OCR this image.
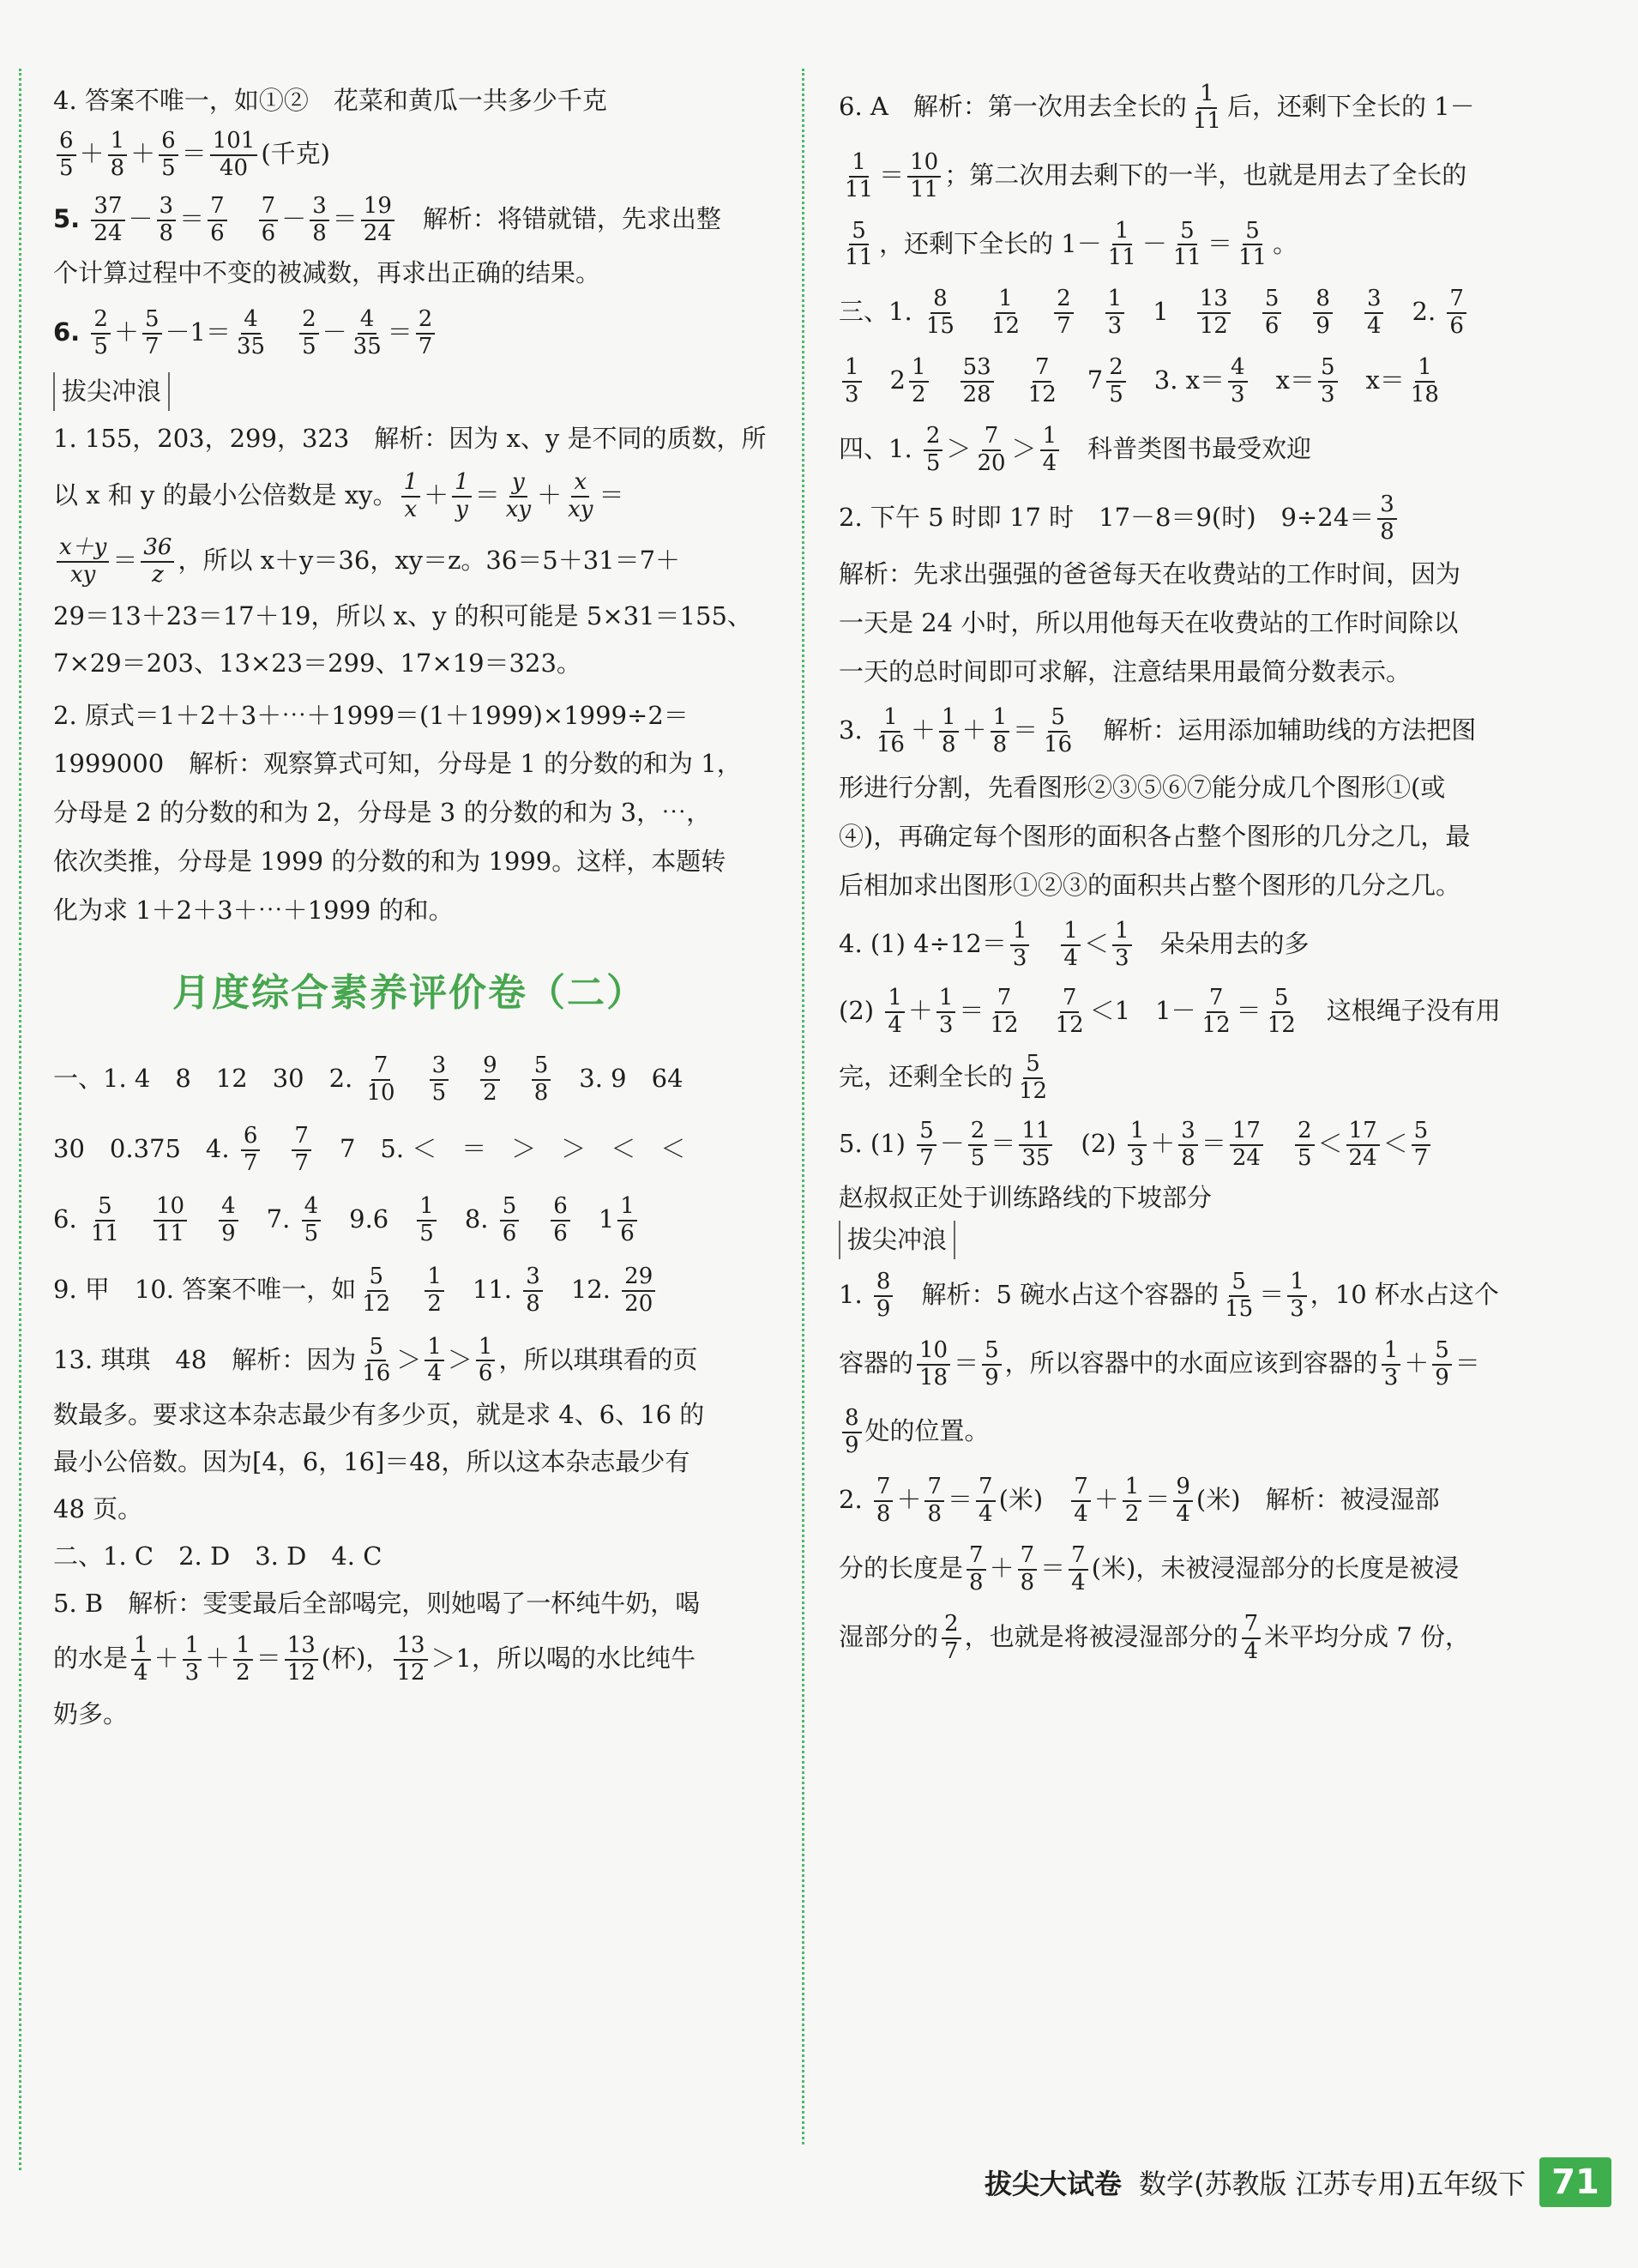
4. 答案不唯一，如①②　花菜和黄瓜一共多少千克
$\frac{6}{5} + \frac{1}{8} + \frac{6}{5} = \frac{101}{40}$ (千克)
5. $\frac{37}{24} - \frac{3}{8} = \frac{7}{6}$
　 $\frac{7}{6} - \frac{3}{8} = \frac{19}{24}$
　 解析：将错就错，先求出整
个计算过程中不变的被减数，再求出正确的结果。
6. $\frac{2}{5} + \frac{5}{7} -1= \frac{4}{35}$
　 $\frac{2}{5} - \frac{4}{35} = \frac{2}{7}$
拔尖冲浪
1. 155，203，299，323　解析：因为 x、y 是不同的质数，所
以 x 和 y 的最小公倍数是 xy。 $\frac{1}{x} + \frac{1}{y} = \frac{y}{xy} + \frac{x}{xy}$ ＝
$\frac{x+y}{xy} = \frac{36}{z}$ ，所以 x＋y＝36，xy＝z。36＝5＋31＝7＋
29＝13＋23＝17＋19，所以 x、y 的积可能是 5×31＝155、
7×29＝203、13×23＝299、17×19＝323。
2. 原式＝1＋2＋3＋⋯＋1999＝(1＋1999)×1999÷2＝
1999000　解析：观察算式可知，分母是 1 的分数的和为 1，
分母是 2 的分数的和为 2，分母是 3 的分数的和为 3，⋯，
依次类推，分母是 1999 的分数的和为 1999。这样，本题转
化为求 1＋2＋3＋⋯＋1999 的和。
月度综合素养评价卷（二）
一、1. 4　8　12　30　2. $\frac{7}{10}$
　 $\frac{3}{5}$
　 $\frac{9}{2}$
　 $\frac{5}{8}$
　 3. 9　64
30　0.375　4. $\frac{6}{7}$
　 $\frac{7}{7}$
　 7　5. ＜　＝　＞　＞　＜　＜
6. $\frac{5}{11}$
　 $\frac{10}{11}$
　 $\frac{4}{9}$
　 7. $\frac{4}{5}$
　 9.6　 $\frac{1}{5}$
　 8. $\frac{5}{6}$
　 $\frac{6}{6}$ 　$1 \frac{1}{6}$
9. 甲　10. 答案不唯一，如 $\frac{5}{12}$
　 $\frac{1}{2}$
　 11. $\frac{3}{8}$
　 12. $\frac{29}{20}$
13. 琪琪　48　解析：因为 $\frac{5}{16} > \frac{1}{4} > \frac{1}{6}$ ，所以琪琪看的页
数最多。要求这本杂志最少有多少页，就是求 4、6、16 的
最小公倍数。因为[4，6，16]＝48，所以这本杂志最少有
48 页。
二、1. C　2. D　3. D　4. C
5. B　解析：雯雯最后全部喝完，则她喝了一杯纯牛奶，喝
的水是 $\frac{1}{4} + \frac{1}{3} + \frac{1}{2} = \frac{13}{12}$ (杯)， $\frac{13}{12} >1$，所以喝的水比纯牛
奶多。
6. A　解析：第一次用去全长的 $\frac{1}{11}$ 后，还剩下全长的 1－
$\frac{1}{11} = \frac{10}{11}$ ；第二次用去剩下的一半，也就是用去了全长的
$\frac{5}{11}$ ，还剩下全长的 $1- \frac{1}{11} - \frac{5}{11} = \frac{5}{11}$ 。
三、1. $\frac{8}{15}$
　 $\frac{1}{12}$
　 $\frac{2}{7}$
　 $\frac{1}{3}$
　 1　 $\frac{13}{12}$
　 $\frac{5}{6}$
　 $\frac{8}{9}$
　 $\frac{3}{4}$
　 2. $\frac{7}{6}$
$\frac{1}{3}$ 　$2 \frac{1}{2}$
　 $\frac{53}{28}$
　 $\frac{7}{12}$ 　$7 \frac{2}{5}$
　 3. $x= \frac{4}{3}$
　 $x= \frac{5}{3}$
　 $x= \frac{1}{18}$
四、1. $\frac{2}{5} > \frac{7}{20} > \frac{1}{4}$
　 科普类图书最受欢迎
2. 下午 5 时即 17 时　17－8＝9(时)　$9\div 24= \frac{3}{8}$
解析：先求出强强的爸爸每天在收费站的工作时间，因为
一天是 24 小时，所以用他每天在收费站的工作时间除以
一天的总时间即可求解，注意结果用最简分数表示。
3. $\frac{1}{16} + \frac{1}{8} + \frac{1}{8} = \frac{5}{16}$
　 解析：运用添加辅助线的方法把图
形进行分割，先看图形②③⑤⑥⑦能分成几个图形①(或
④)，再确定每个图形的面积各占整个图形的几分之几，最
后相加求出图形①②③的面积共占整个图形的几分之几。
4. (1) $4\div 12= \frac{1}{3}$
　 $\frac{1}{4} < \frac{1}{3}$
　 朵朵用去的多
$(2) \frac{1}{4} + \frac{1}{3} = \frac{7}{12}$
　 $\frac{7}{12} <1$　$1- \frac{7}{12} = \frac{5}{12}$
　 这根绳子没有用
完，还剩全长的 $\frac{5}{12}$
5. $(1) \frac{5}{7} - \frac{2}{5} = \frac{11}{35}$
　 $(2) \frac{1}{3} + \frac{3}{8} = \frac{17}{24}$
　 $\frac{2}{5} < \frac{17}{24} < \frac{5}{7}$
赵叔叔正处于训练路线的下坡部分
拔尖冲浪
1. $\frac{8}{9}$
　 解析：5 碗水占这个容器的 $\frac{5}{15} = \frac{1}{3}$ ，10 杯水占这个
容器的 $\frac{10}{18} = \frac{5}{9}$ ，所以容器中的水面应该到容器的 $\frac{1}{3} + \frac{5}{9}$ ＝
$\frac{8}{9}$ 处的位置。
2. $\frac{7}{8} + \frac{7}{8} = \frac{7}{4}$ (米)　 $\frac{7}{4} + \frac{1}{2} = \frac{9}{4}$ (米)　解析：被浸湿部
分的长度是 $\frac{7}{8} + \frac{7}{8} = \frac{7}{4}$ (米)，未被浸湿部分的长度是被浸
湿部分的 $\frac{2}{7}$ ，也就是将被浸湿部分的 $\frac{7}{4}$ 米平均分成 7 份，
拔尖大试卷 数学(苏教版 江苏专用)五年级下 71
